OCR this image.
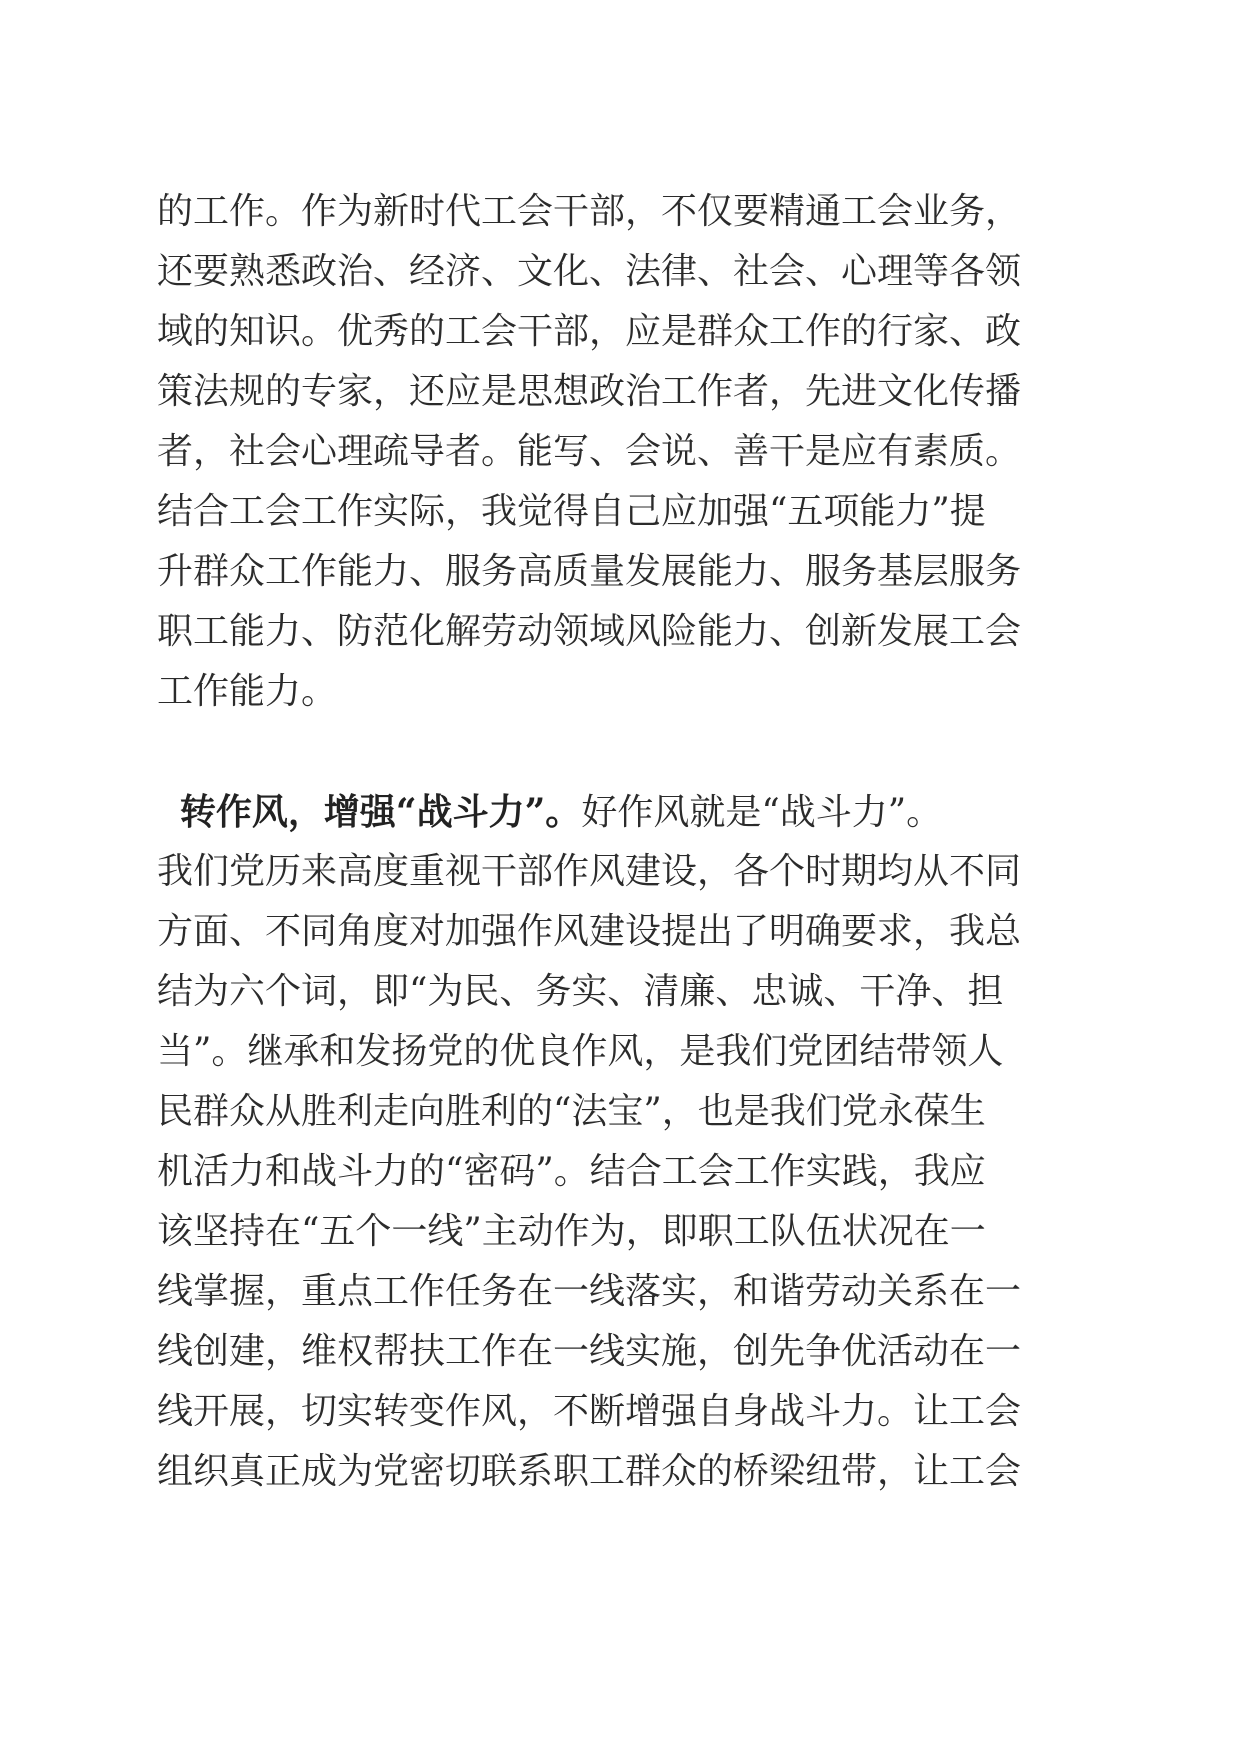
的工作。作为新时代工会干部，不仅要精通工会业务，
还要熟悉政治、经济、文化、法律、社会、心理等各领
域的知识。优秀的工会干部，应是群众工作的行家、政
策法规的专家，还应是思想政治工作者，先进文化传播
者，社会心理疏导者。能写、会说、善干是应有素质。
结合工会工作实际，我觉得自己应加强“五项能力”提
升群众工作能力、服务高质量发展能力、服务基层服务
职工能力、防范化解劳动领域风险能力、创新发展工会
工作能力。
转作风，增强“战斗力”。好作风就是“战斗力”。
我们党历来高度重视干部作风建设，各个时期均从不同
方面、不同角度对加强作风建设提出了明确要求，我总
结为六个词，即“为民、务实、清廉、忠诚、干净、担
当”。继承和发扬党的优良作风，是我们党团结带领人
民群众从胜利走向胜利的“法宝”，也是我们党永葆生
机活力和战斗力的“密码”。结合工会工作实践，我应
该坚持在“五个一线”主动作为，即职工队伍状况在一
线掌握，重点工作任务在一线落实，和谐劳动关系在一
线创建，维权帮扶工作在一线实施，创先争优活动在一
线开展，切实转变作风，不断增强自身战斗力。让工会
组织真正成为党密切联系职工群众的桥梁纽带，让工会
